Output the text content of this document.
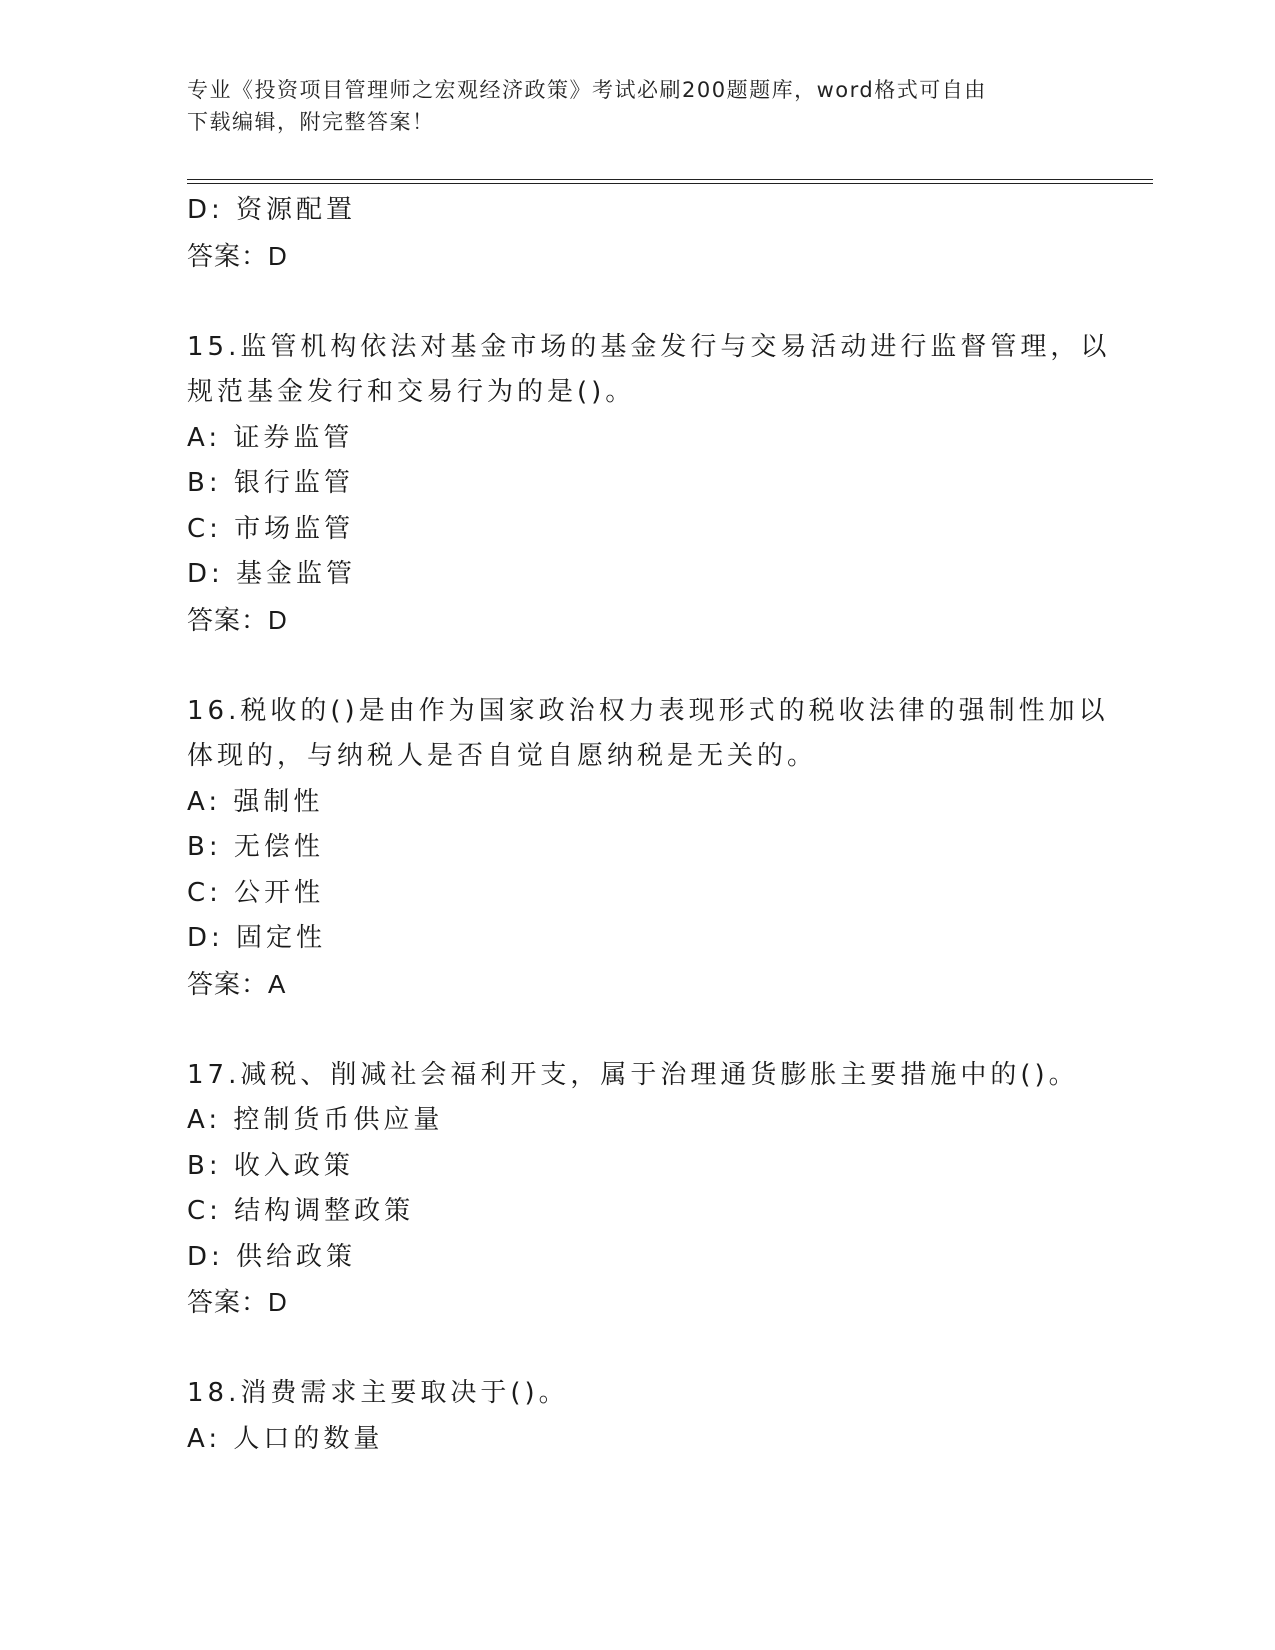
专业《投资项目管理师之宏观经济政策》考试必刷200题题库，word格式可自由
下载编辑，附完整答案！
D: 资源配置
答案：D
15.监管机构依法对基金市场的基金发行与交易活动进行监督管理，以
规范基金发行和交易行为的是()。
A: 证券监管
B: 银行监管
C: 市场监管
D: 基金监管
答案：D
16.税收的()是由作为国家政治权力表现形式的税收法律的强制性加以
体现的，与纳税人是否自觉自愿纳税是无关的。
A: 强制性
B: 无偿性
C: 公开性
D: 固定性
答案：A
17.减税、削减社会福利开支，属于治理通货膨胀主要措施中的()。
A: 控制货币供应量
B: 收入政策
C: 结构调整政策
D: 供给政策
答案：D
18.消费需求主要取决于()。
A: 人口的数量
